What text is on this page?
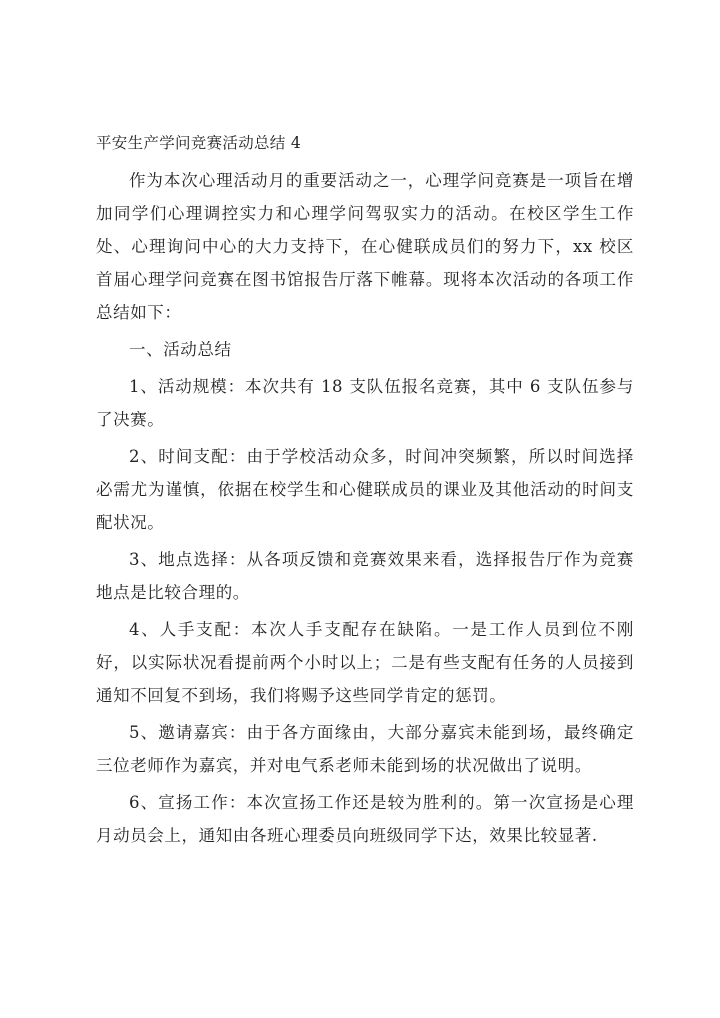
平安生产学问竞赛活动总结 4

作为本次心理活动月的重要活动之一，心理学问竞赛是一项旨在增加同学们心理调控实力和心理学问驾驭实力的活动。在校区学生工作处、心理询问中心的大力支持下，在心健联成员们的努力下，xx 校区首届心理学问竞赛在图书馆报告厅落下帷幕。现将本次活动的各项工作总结如下：

一、活动总结

1、活动规模：本次共有 18 支队伍报名竞赛，其中 6 支队伍参与了决赛。

2、时间支配：由于学校活动众多，时间冲突频繁，所以时间选择必需尤为谨慎，依据在校学生和心健联成员的课业及其他活动的时间支配状况。

3、地点选择：从各项反馈和竞赛效果来看，选择报告厅作为竞赛地点是比较合理的。

4、人手支配：本次人手支配存在缺陷。一是工作人员到位不刚好，以实际状况看提前两个小时以上；二是有些支配有任务的人员接到通知不回复不到场，我们将赐予这些同学肯定的惩罚。

5、邀请嘉宾：由于各方面缘由，大部分嘉宾未能到场，最终确定三位老师作为嘉宾，并对电气系老师未能到场的状况做出了说明。

6、宣扬工作：本次宣扬工作还是较为胜利的。第一次宣扬是心理月动员会上，通知由各班心理委员向班级同学下达，效果比较显著.
